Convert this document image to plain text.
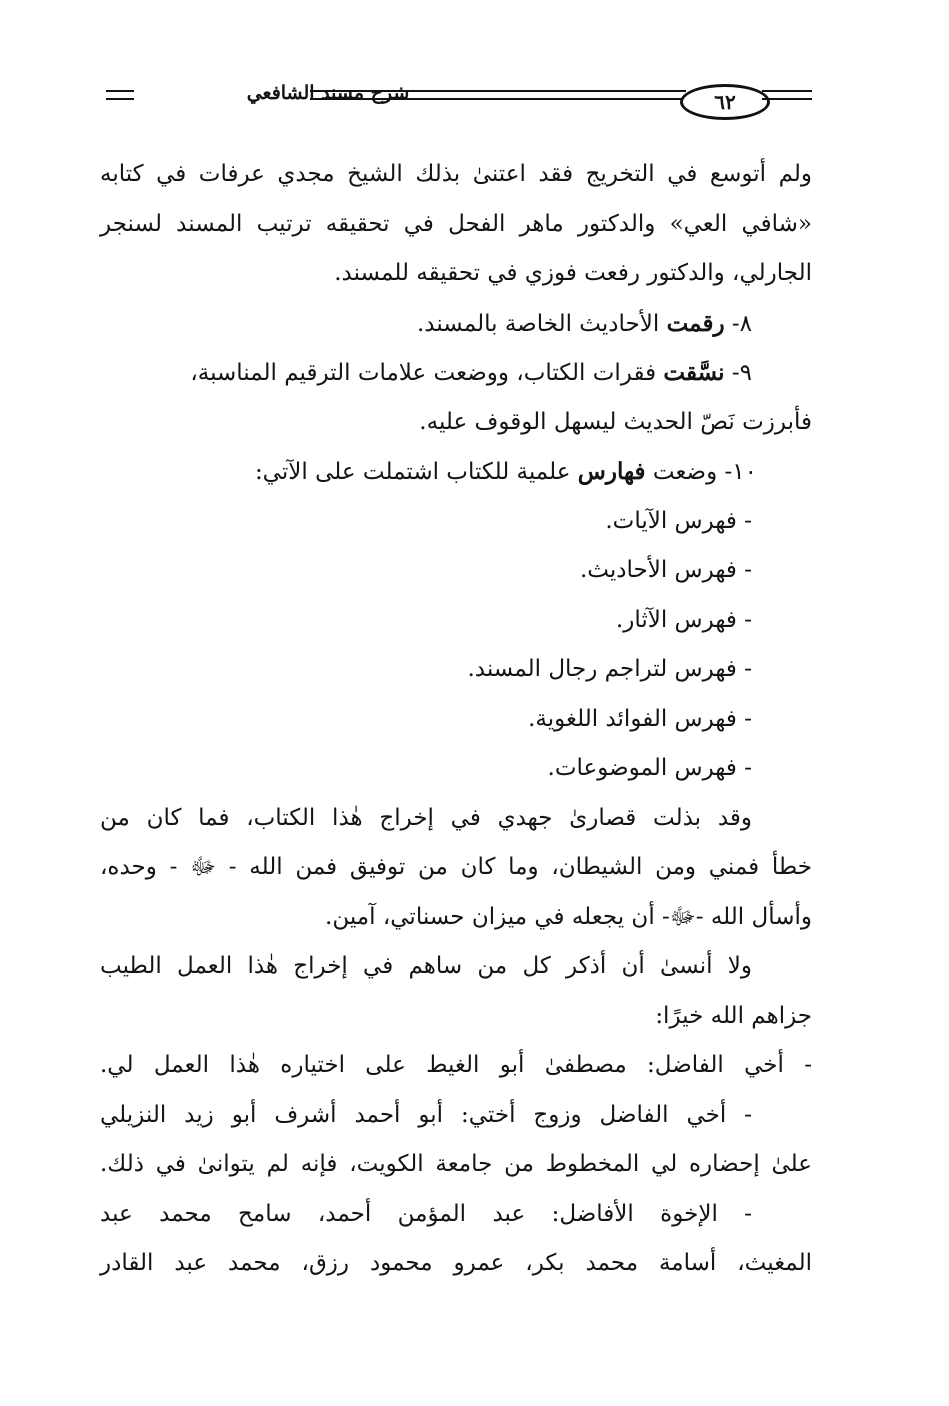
شرح مسند الشافعي	٦٢
ولم أتوسع في التخريج فقد اعتنىٰ بذلك الشيخ مجدي عرفات في كتابه
«شافي العي» والدكتور ماهر الفحل في تحقيقه ترتيب المسند لسنجر
الجارلي، والدكتور رفعت فوزي في تحقيقه للمسند.
٨- رقمت الأحاديث الخاصة بالمسند.
٩- نسَّقت فقرات الكتاب، ووضعت علامات الترقيم المناسبة،
فأبرزت نَصّ الحديث ليسهل الوقوف عليه.
١٠- وضعت فهارس علمية للكتاب اشتملت على الآتي:
- فهرس الآيات.
- فهرس الأحاديث.
- فهرس الآثار.
- فهرس لتراجم رجال المسند.
- فهرس الفوائد اللغوية.
- فهرس الموضوعات.
وقد بذلت قصارىٰ جهدي في إخراج هٰذا الكتاب، فما كان من
خطأ فمني ومن الشيطان، وما كان من توفيق فمن الله - ﷻ - وحده،
وأسأل الله -ﷻ- أن يجعله في ميزان حسناتي، آمين.
ولا أنسىٰ أن أذكر كل من ساهم في إخراج هٰذا العمل الطيب
جزاهم الله خيرًا:
- أخي الفاضل: مصطفىٰ أبو الغيط على اختياره هٰذا العمل لي.
- أخي الفاضل وزوج أختي: أبو أحمد أشرف أبو زيد النزيلي
علىٰ إحضاره لي المخطوط من جامعة الكويت، فإنه لم يتوانىٰ في ذلك.
- الإخوة الأفاضل: عبد المؤمن أحمد، سامح محمد عبد
المغيث، أسامة محمد بكر، عمرو محمود رزق، محمد عبد القادر
